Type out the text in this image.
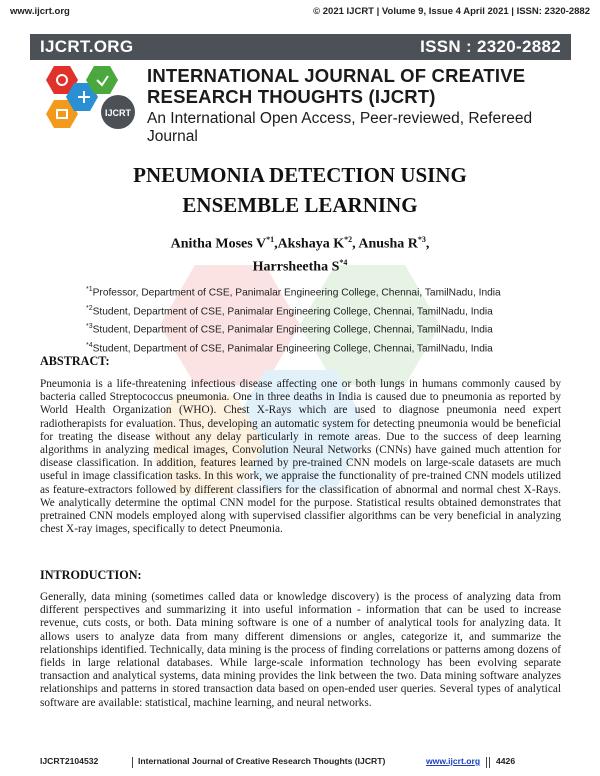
www.ijcrt.org	© 2021 IJCRT | Volume 9, Issue 4 April 2021 | ISSN: 2320-2882
IJCRT.ORG	ISSN : 2320-2882
IJCRT
INTERNATIONAL JOURNAL OF CREATIVE
RESEARCH THOUGHTS (IJCRT)
An International Open Access, Peer-reviewed, Refereed Journal
PNEUMONIA DETECTION USING
ENSEMBLE LEARNING
Anitha Moses $V^{*1},Akshaya$ $K^{*2}$, Anusha $R^{*3}$,
Harrsheetha $S^{*4}$
$^{*1}$Professor, Department of CSE, Panimalar Engineering College, Chennai, TamilNadu, India
$^{*2}$Student, Department of CSE, Panimalar Engineering College, Chennai, TamilNadu, India
$^{*3}$Student, Department of CSE, Panimalar Engineering College, Chennai, TamilNadu, India
$^{*4}$Student, Department of CSE, Panimalar Engineering College, Chennai, TamilNadu, India
ABSTRACT:
Pneumonia is a life-threatening infectious disease affecting one or both lungs in humans commonly caused by bacteria called Streptococcus pneumonia. One in three deaths in India is caused due to pneumonia as reported by World Health Organization (WHO). Chest X-Rays which are used to diagnose pneumonia need expert radiotherapists for evaluation. Thus, developing an automatic system for detecting pneumonia would be beneficial for treating the disease without any delay particularly in remote areas. Due to the success of deep learning algorithms in analyzing medical images, Convolution Neural Networks (CNNs) have gained much attention for disease classification. In addition, features learned by pre-trained CNN models on large-scale datasets are much useful in image classification tasks. In this work, we appraise the functionality of pre-trained CNN models utilized as feature-extractors followed by different classifiers for the classification of abnormal and normal chest X-Rays. We analytically determine the optimal CNN model for the purpose. Statistical results obtained demonstrates that pretrained CNN models employed along with supervised classifier algorithms can be very beneficial in analyzing chest X-ray images, specifically to detect Pneumonia.
INTRODUCTION:
Generally, data mining (sometimes called data or knowledge discovery) is the process of analyzing data from different perspectives and summarizing it into useful information - information that can be used to increase revenue, cuts costs, or both. Data mining software is one of a number of analytical tools for analyzing data. It allows users to analyze data from many different dimensions or angles, categorize it, and summarize the relationships identified. Technically, data mining is the process of finding correlations or patterns among dozens of fields in large relational databases. While large-scale information technology has been evolving separate transaction and analytical systems, data mining provides the link between the two. Data mining software analyzes relationships and patterns in stored transaction data based on open-ended user queries. Several types of analytical software are available: statistical, machine learning, and neural networks.
IJCRT2104532	International Journal of Creative Research Thoughts (IJCRT)	www.ijcrt.org 4426
